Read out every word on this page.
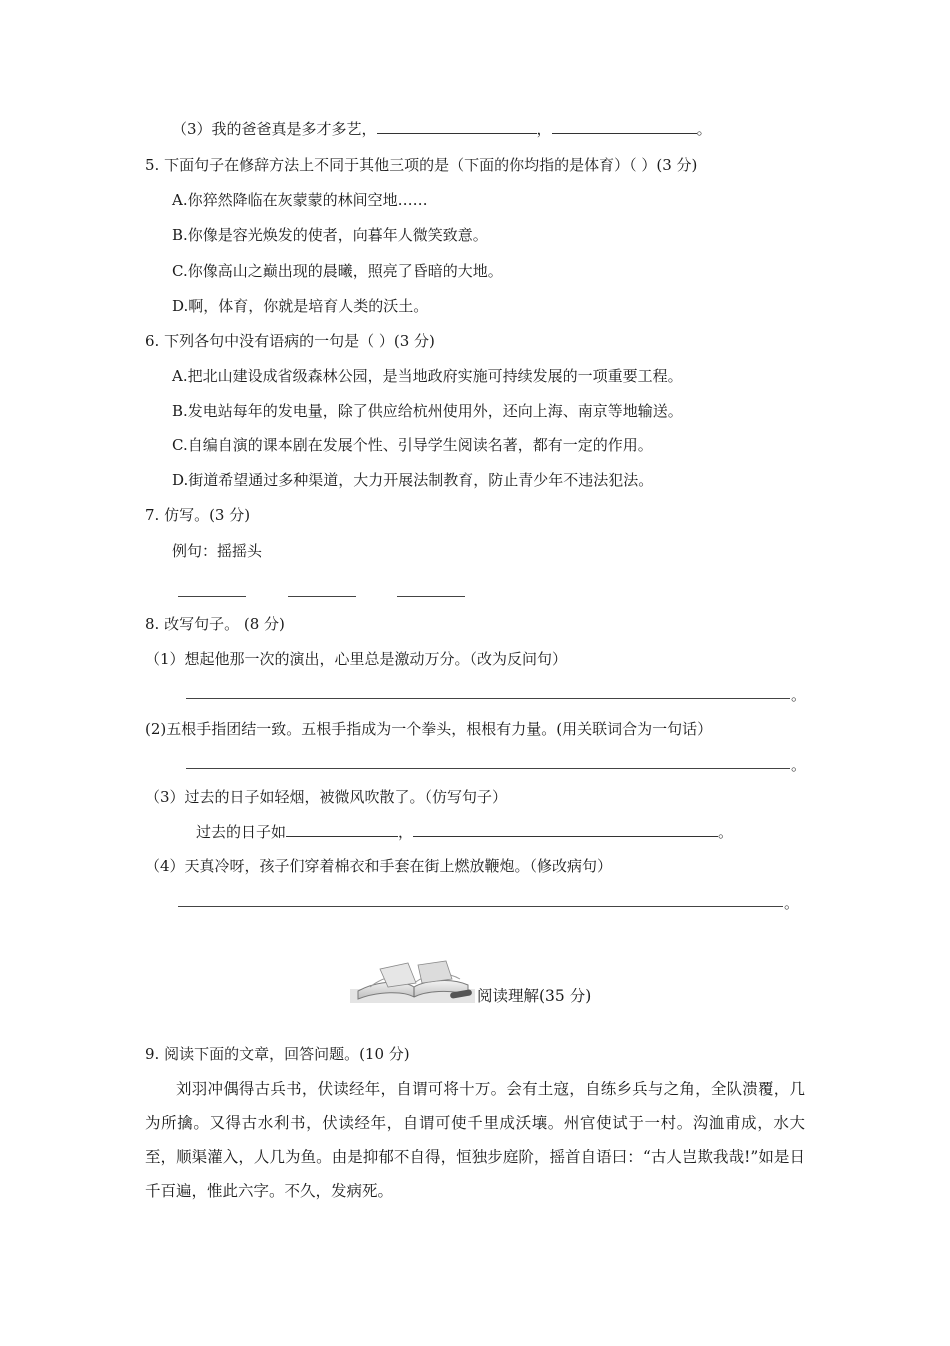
（3）我的爸爸真是多才多艺，	，	。
5. 下面句子在修辞方法上不同于其他三项的是（下面的你均指的是体育）（ ）(3 分)
A.你猝然降临在灰蒙蒙的林间空地……
B.你像是容光焕发的使者，向暮年人微笑致意。
C.你像高山之巅出现的晨曦，照亮了昏暗的大地。
D.啊，体育，你就是培育人类的沃土。
6. 下列各句中没有语病的一句是（ ）(3 分)
A.把北山建设成省级森林公园，是当地政府实施可持续发展的一项重要工程。
B.发电站每年的发电量，除了供应给杭州使用外，还向上海、南京等地输送。
C.自编自演的课本剧在发展个性、引导学生阅读名著，都有一定的作用。
D.街道希望通过多种渠道，大力开展法制教育，防止青少年不违法犯法。
7. 仿写。(3 分)
例句：摇摇头
8. 改写句子。 (8 分)
（1）想起他那一次的演出，心里总是激动万分。（改为反问句）
。
(2)五根手指团结一致。五根手指成为一个拳头，根根有力量。(用关联词合为一句话）
。
（3）过去的日子如轻烟，被微风吹散了。（仿写句子）
过去的日子如	，	。
（4）天真冷呀，孩子们穿着棉衣和手套在街上燃放鞭炮。（修改病句）
。
阅读理解(35 分)
9. 阅读下面的文章，回答问题。(10 分)
刘羽冲偶得古兵书，伏读经年，自谓可将十万。会有土寇，自练乡兵与之角，全队溃覆，几为所擒。又得古水利书，伏读经年，自谓可使千里成沃壤。州官使试于一村。沟洫甫成，水大至，顺渠灌入，人几为鱼。由是抑郁不自得，恒独步庭阶，摇首自语曰：“古人岂欺我哉!”如是日千百遍，惟此六字。不久，发病死。
